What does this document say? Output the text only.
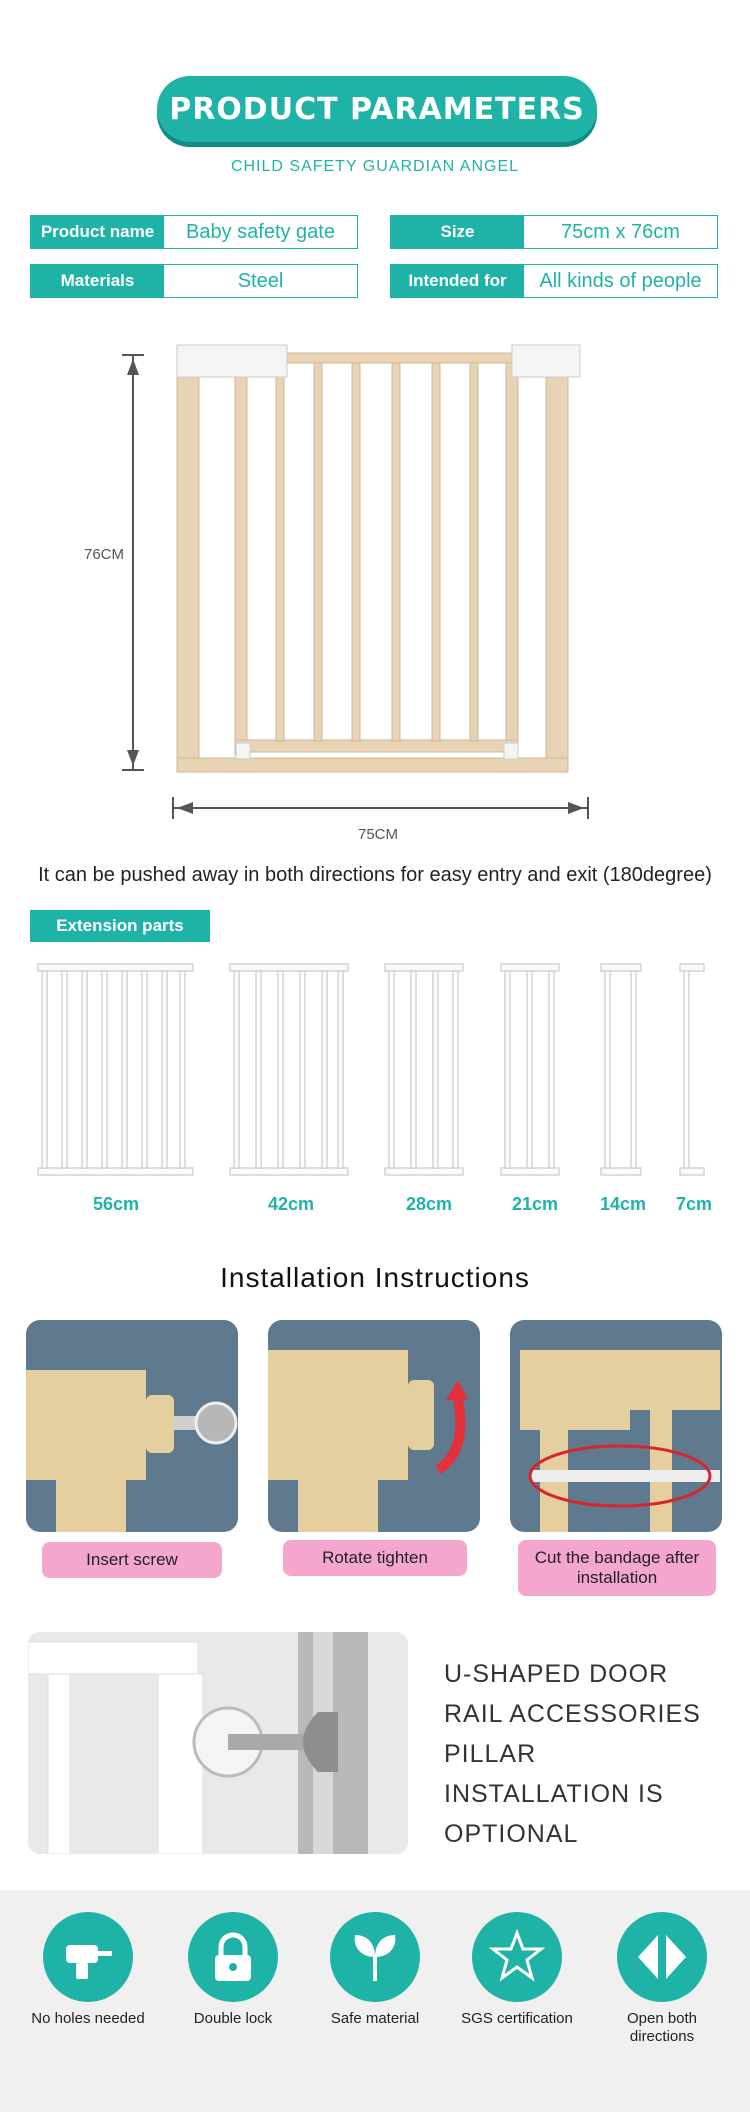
PRODUCT PARAMETERS
CHILD SAFETY GUARDIAN ANGEL
Product name	Baby safety gate	Size	75cm x 76cm
Materials	Steel	Intended for	All kinds of people
76CM
75CM
It can be pushed away in both directions for easy entry and exit (180degree)
Extension parts
56cm	42cm	28cm	21cm	14cm	7cm
Installation Instructions
Insert screw	Rotate tighten	Cut the bandage after installation
U-SHAPED DOOR
RAIL ACCESSORIES
PILLAR
INSTALLATION IS
OPTIONAL
No holes needed	Double lock	Safe material	SGS certification	Open both directions
